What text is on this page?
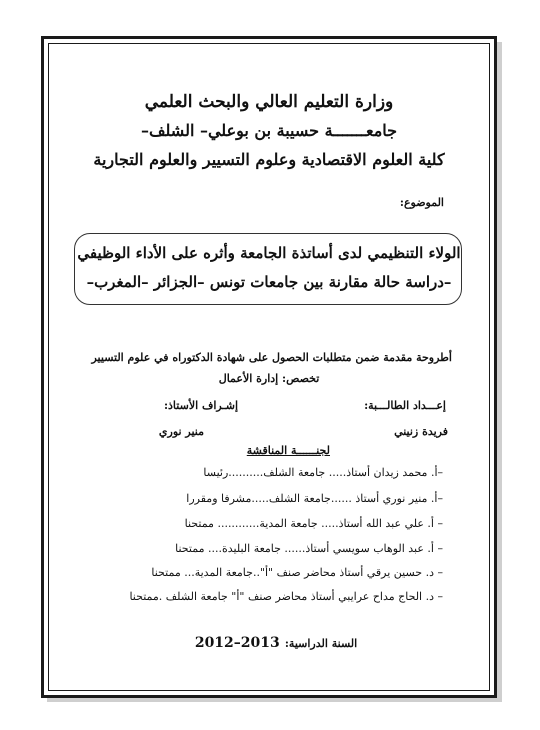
وزارة التعليم العالي والبحث العلمي
جامعـــــــة حسيبة بن بوعلي– الشلف–
كلية العلوم الاقتصادية وعلوم التسيير والعلوم التجارية
الموضوع:
الولاء التنظيمي لدى أساتذة الجامعة وأثره على الأداء الوظيفي
–دراسة حالة مقارنة بين جامعات تونس –الجزائر –المغرب–
أطروحة مقدمة ضمن متطلبات الحصول على شهادة الدكتوراه في علوم التسيير
تخصص: إدارة الأعمال
إعـــداد الطالـــبة:
إشـراف الأستاذ:
فريدة زنيني
منير نوري
لجنــــــة المناقشة
–أ. محمد زيدان أستاذ..... جامعة الشلف..........رئيسا
–أ. منير نوري أستاذ ......جامعة الشلف.....مشرفا ومقررا
– أ. علي عبد الله أستاذ..... جامعة المدية............ ممتحنا
– أ. عبد الوهاب سويسي أستاذ...... جامعة البليدة.... ممتحنا
– د. حسين يرقي أستاذ محاضر صنف "أ"..جامعة المدية... ممتحنا
– د. الحاج مداح عرايبي أستاذ محاضر صنف "أ" جامعة الشلف .ممتحنا
السنة الدراسية: 2013–2012
